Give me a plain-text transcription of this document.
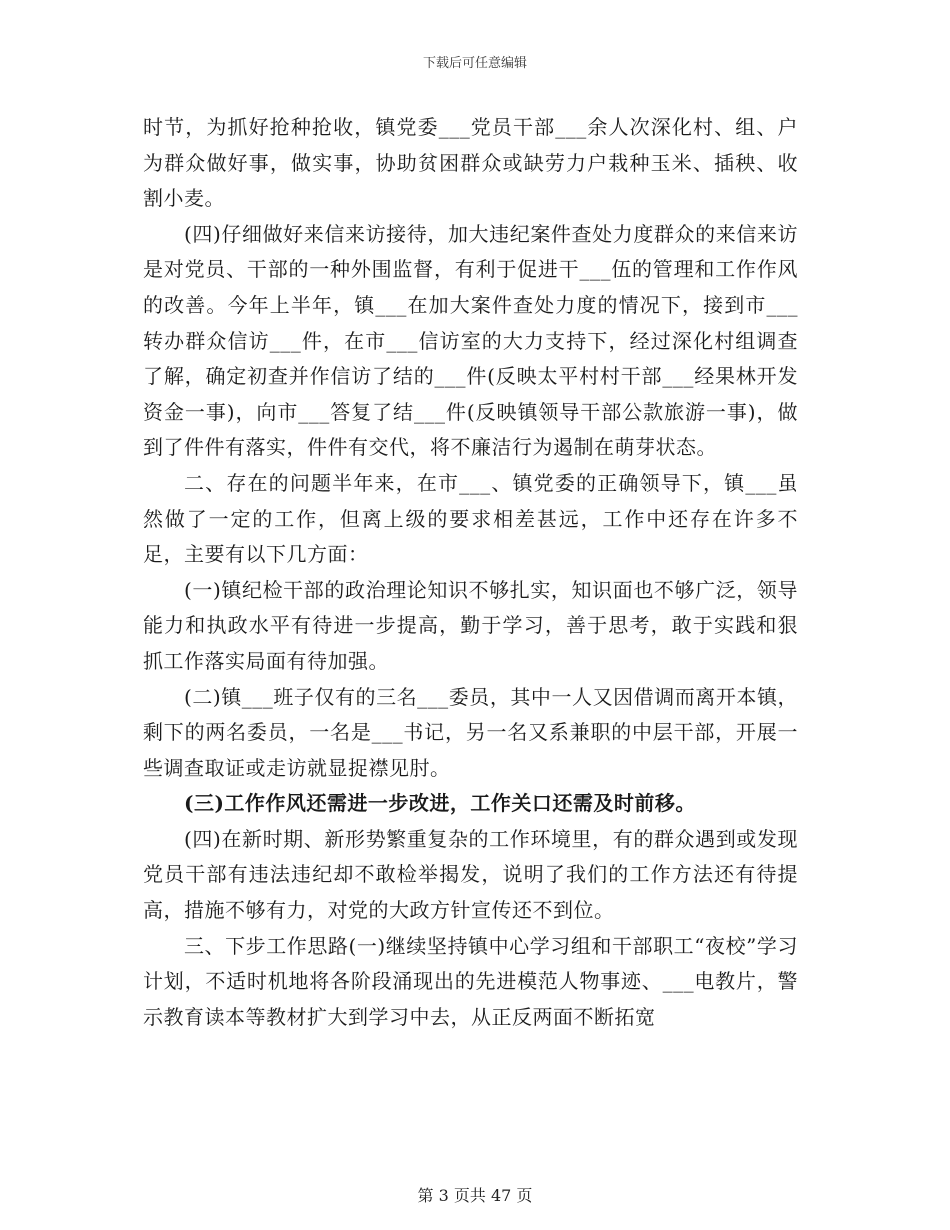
下载后可任意编辑

时节，为抓好抢种抢收，镇党委___党员干部___余人次深化村、组、户为群众做好事，做实事，协助贫困群众或缺劳力户栽种玉米、插秧、收割小麦。

(四)仔细做好来信来访接待，加大违纪案件查处力度群众的来信来访是对党员、干部的一种外围监督，有利于促进干___伍的管理和工作作风的改善。今年上半年，镇___在加大案件查处力度的情况下，接到市___转办群众信访___件，在市___信访室的大力支持下，经过深化村组调查了解，确定初查并作信访了结的___件(反映太平村村干部___经果林开发资金一事)，向市___答复了结___件(反映镇领导干部公款旅游一事)，做到了件件有落实，件件有交代，将不廉洁行为遏制在萌芽状态。

二、存在的问题半年来，在市___、镇党委的正确领导下，镇___虽然做了一定的工作，但离上级的要求相差甚远，工作中还存在许多不足，主要有以下几方面：

(一)镇纪检干部的政治理论知识不够扎实，知识面也不够广泛，领导能力和执政水平有待进一步提高，勤于学习，善于思考，敢于实践和狠抓工作落实局面有待加强。

(二)镇___班子仅有的三名___委员，其中一人又因借调而离开本镇，剩下的两名委员，一名是___书记，另一名又系兼职的中层干部，开展一些调查取证或走访就显捉襟见肘。

(三)工作作风还需进一步改进，工作关口还需及时前移。

(四)在新时期、新形势繁重复杂的工作环境里，有的群众遇到或发现党员干部有违法违纪却不敢检举揭发，说明了我们的工作方法还有待提高，措施不够有力，对党的大政方针宣传还不到位。

三、下步工作思路(一)继续坚持镇中心学习组和干部职工“夜校”学习计划，不适时机地将各阶段涌现出的先进模范人物事迹、___电教片，警示教育读本等教材扩大到学习中去，从正反两面不断拓宽

第 3 页共 47 页
